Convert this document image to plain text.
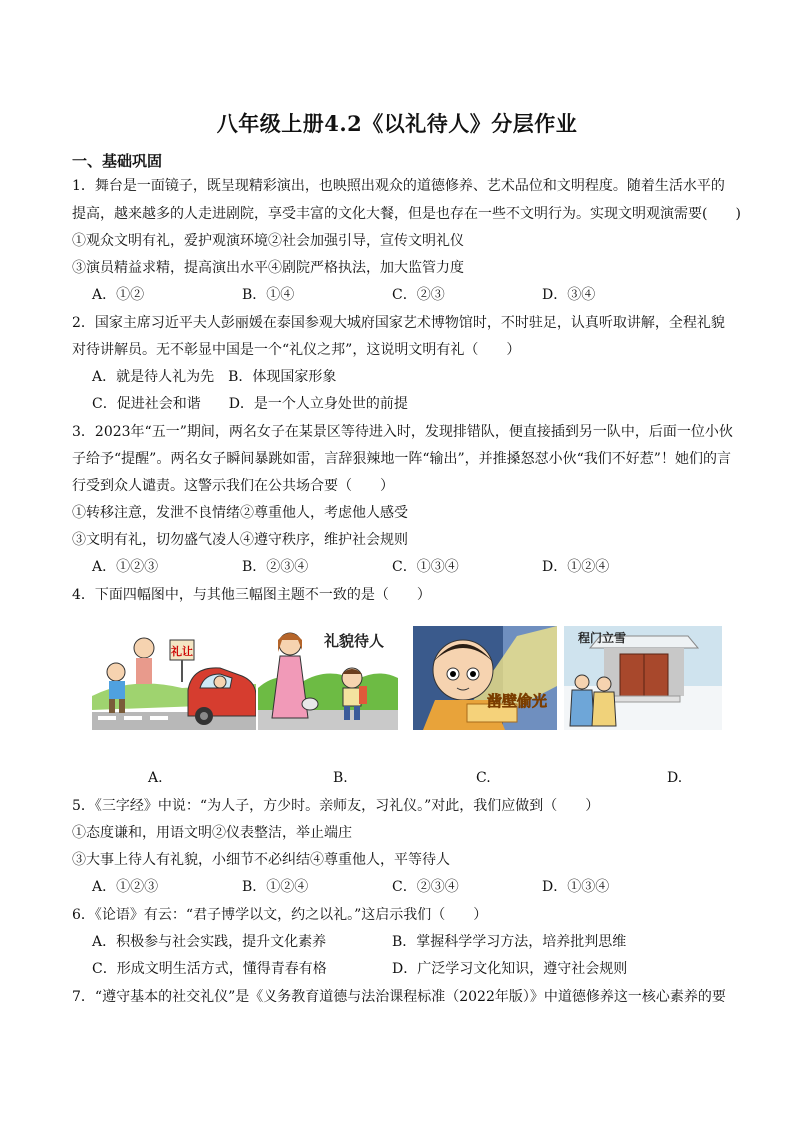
八年级上册4.2《以礼待人》分层作业
一、基础巩固
1．舞台是一面镜子，既呈现精彩演出，也映照出观众的道德修养、艺术品位和文明程度。随着生活水平的
提高，越来越多的人走进剧院，享受丰富的文化大餐，但是也存在一些不文明行为。实现文明观演需要(　　)
①观众文明有礼，爱护观演环境②社会加强引导，宣传文明礼仪
③演员精益求精，提高演出水平④剧院严格执法，加大监管力度
A．①②	B．①④	C．②③	D．③④
2．国家主席习近平夫人彭丽媛在泰国参观大城府国家艺术博物馆时，不时驻足，认真听取讲解，全程礼貌
对待讲解员。无不彰显中国是一个“礼仪之邦”，这说明文明有礼（　　）
A．就是待人礼为先　B．体现国家形象
C．促进社会和谐　　D．是一个人立身处世的前提
3．2023年“五一”期间，两名女子在某景区等待进入时，发现排错队，便直接插到另一队中，后面一位小伙
子给予“提醒”。两名女子瞬间暴跳如雷，言辞狠辣地一阵“输出”，并推搡怒怼小伙“我们不好惹”！她们的言
行受到众人谴责。这警示我们在公共场合要（　　）
①转移注意，发泄不良情绪②尊重他人，考虑他人感受
③文明有礼，切勿盛气凌人④遵守秩序，维护社会规则
A．①②③	B．②③④	C．①③④	D．①②④
4．下面四幅图中，与其他三幅图主题不一致的是（　　）
礼让
礼貌待人
凿壁偷光
程门立雪
A.	B.	C.	D.
5．《三字经》中说：“为人子，方少时。亲师友，习礼仪。”对此，我们应做到（　　）
①态度谦和，用语文明②仪表整洁，举止端庄
③大事上待人有礼貌，小细节不必纠结④尊重他人，平等待人
A．①②③	B．①②④	C．②③④	D．①③④
6．《论语》有云：“君子博学以文，约之以礼。”这启示我们（　　）
A．积极参与社会实践，提升文化素养	B．掌握科学学习方法，培养批判思维
C．形成文明生活方式，懂得青春有格	D．广泛学习文化知识，遵守社会规则
7．“遵守基本的社交礼仪”是《义务教育道德与法治课程标准（2022年版）》中道德修养这一核心素养的要
